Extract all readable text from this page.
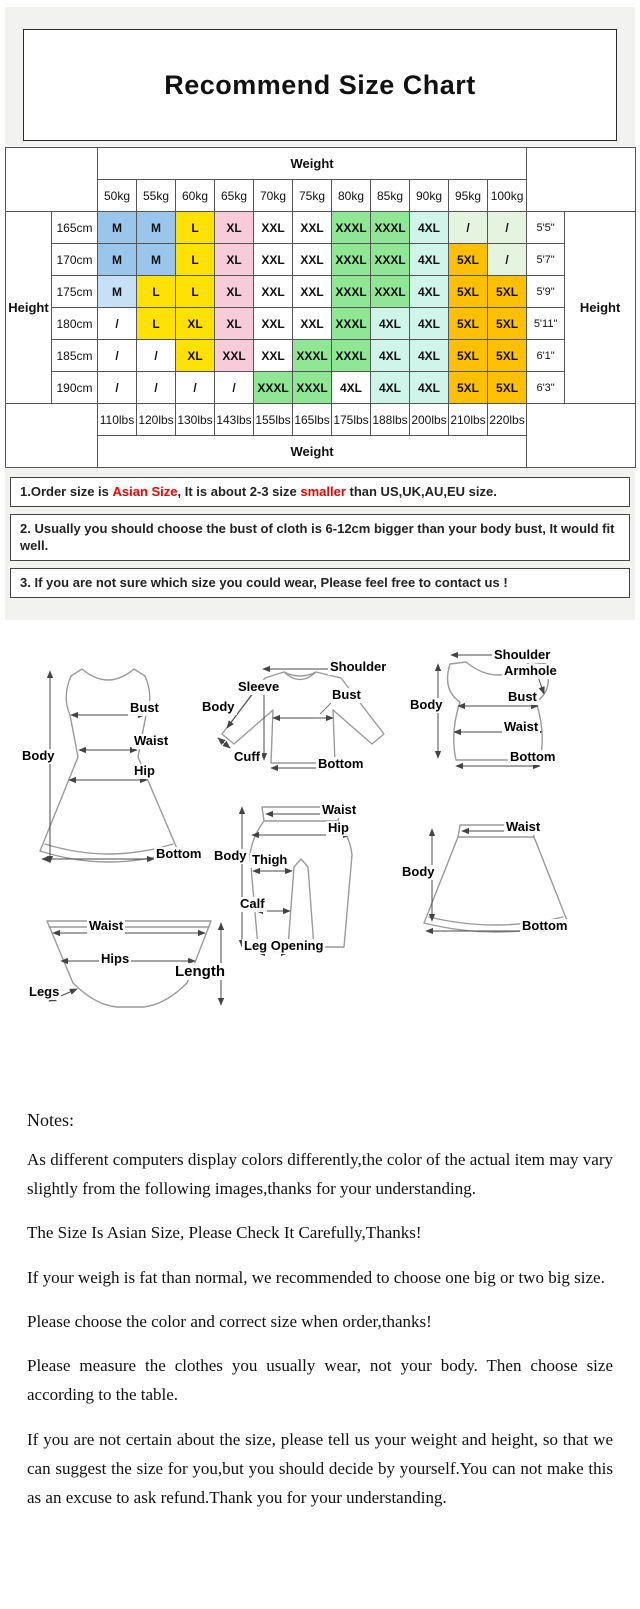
Recommend Size Chart
		Weight												
		50kg	55kg	60kg	65kg	70kg	75kg	80kg	85kg	90kg	95kg	100kg		
Height	165cm	M	M	L	XL	XXL	XXL	XXXL	XXXL	4XL	/	/	5'5"	Height
	170cm	M	M	L	XL	XXL	XXL	XXXL	XXXL	4XL	5XL	/	5'7"	
	175cm	M	L	L	XL	XXL	XXL	XXXL	XXXL	4XL	5XL	5XL	5'9"	
	180cm	/	L	XL	XL	XXL	XXL	XXXL	4XL	4XL	5XL	5XL	5'11"	
	185cm	/	/	XL	XXL	XXL	XXXL	XXXL	4XL	4XL	5XL	5XL	6'1"	
	190cm	/	/	/	/	XXXL	XXXL	4XL	4XL	4XL	5XL	5XL	6'3"	
		110lbs	120lbs	130lbs	143lbs	155lbs	165lbs	175lbs	188lbs	200lbs	210lbs	220lbs		
		Weight												
1.Order size is Asian Size, It is about 2-3 size smaller than US,UK,AU,EU size.
2. Usually you should choose the bust of cloth is 6-12cm bigger than your body bust, It would fit well.
3. If you are not sure which size you could wear, Please feel free to contact us !
Bust
Waist
Hip
Body
Bottom
Shoulder
Sleeve
Body
Bust
Cuff	Bottom
Shoulder
Armhole
Body
Bust
Waist
Bottom
Waist
Hip
Body Thigh
Calf
Leg Opening
Waist
Body
Bottom
Waist
Hips
Legs
Length

Notes:

As different computers display colors differently,the color of the actual item may vary slightly from the following images,thanks for your understanding.

The Size Is Asian Size, Please Check It Carefully,Thanks!

If your weigh is fat than normal, we recommended to choose one big or two big size.

Please choose the color and correct size when order,thanks!

Please measure the clothes you usually wear, not your body. Then choose size according to the table.

If you are not certain about the size, please tell us your weight and height, so that we can suggest the size for you,but you should decide by yourself.You can not make this as an excuse to ask refund.Thank you for your understanding.
